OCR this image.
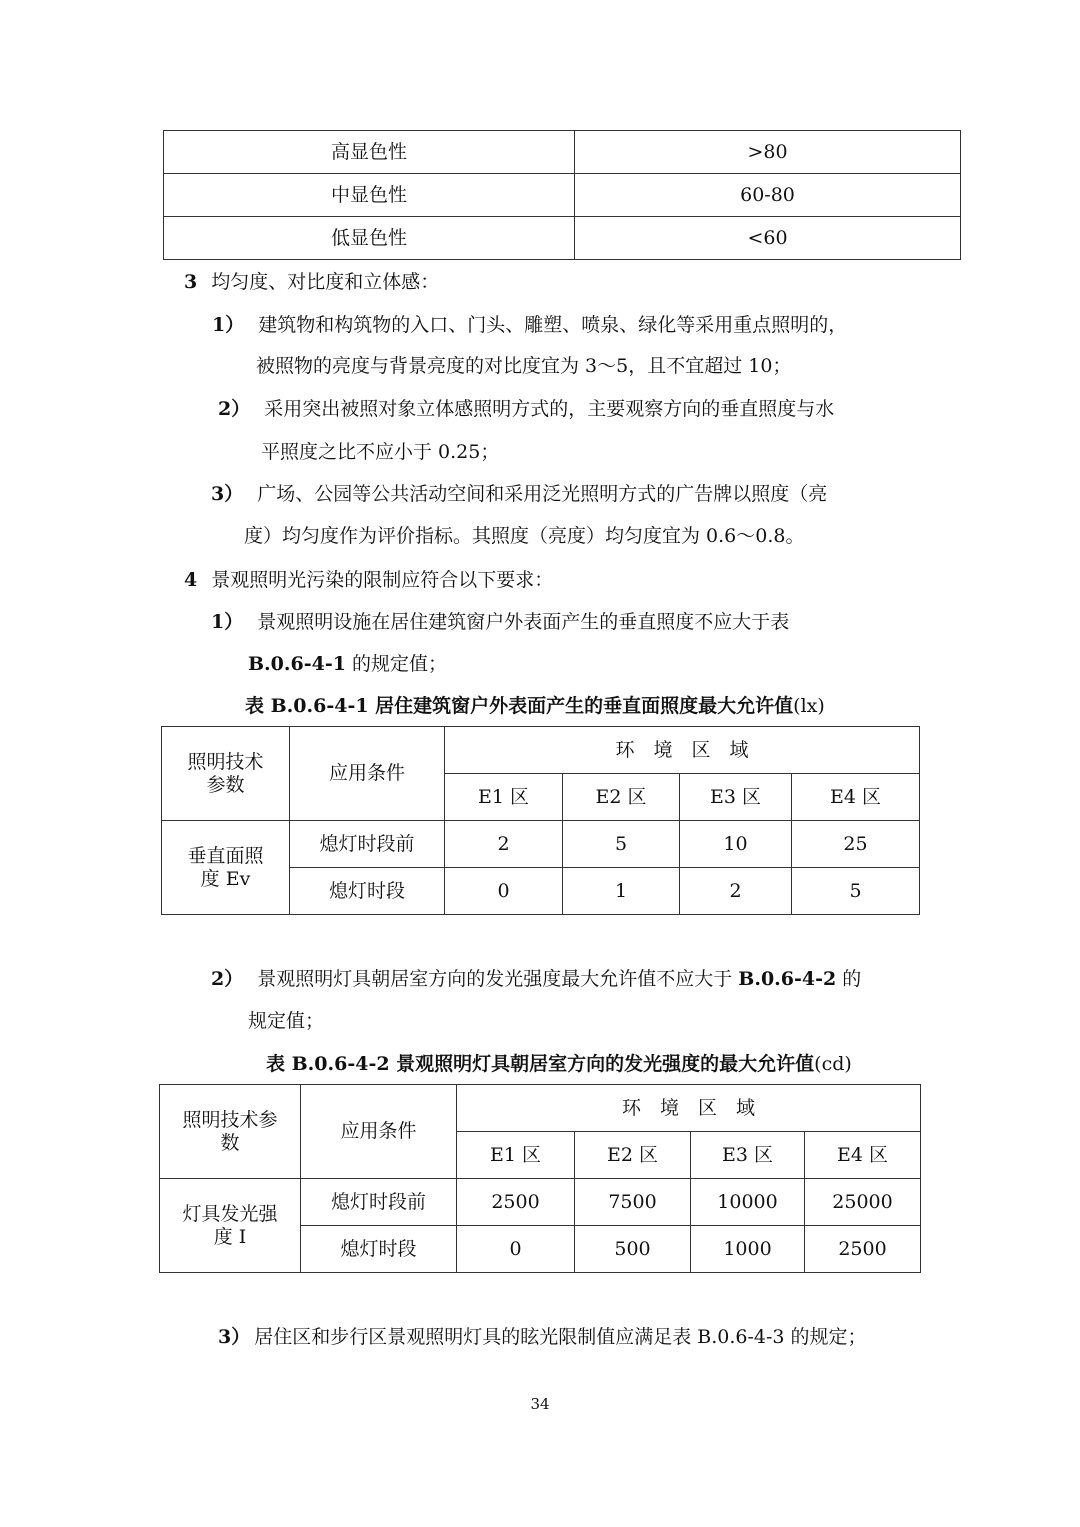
高显色性	>80
中显色性	60-80
低显色性	<60
3 均匀度、对比度和立体感：
1） 建筑物和构筑物的入口、门头、雕塑、喷泉、绿化等采用重点照明的，
被照物的亮度与背景亮度的对比度宜为 3～5，且不宜超过 10；
2） 采用突出被照对象立体感照明方式的，主要观察方向的垂直照度与水
平照度之比不应小于 0.25；
3） 广场、公园等公共活动空间和采用泛光照明方式的广告牌以照度（亮
度）均匀度作为评价指标。其照度（亮度）均匀度宜为 0.6～0.8。
4 景观照明光污染的限制应符合以下要求：
1） 景观照明设施在居住建筑窗户外表面产生的垂直照度不应大于表
B.0.6-4-1 的规定值；
表 B.0.6-4-1 居住建筑窗户外表面产生的垂直面照度最大允许值(lx)
照明技术
参数	应用条件	环　境　区　域			
		E1 区	E2 区	E3 区	E4 区
垂直面照
度 Ev	熄灯时段前	2	5	10	25
	熄灯时段	0	1	2	5
2） 景观照明灯具朝居室方向的发光强度最大允许值不应大于 B.0.6-4-2 的
规定值；
表 B.0.6-4-2 景观照明灯具朝居室方向的发光强度的最大允许值(cd)
照明技术参
数	应用条件	环　境　区　域			
		E1 区	E2 区	E3 区	E4 区
灯具发光强
度 I	熄灯时段前	2500	7500	10000	25000
	熄灯时段	0	500	1000	2500
3） 居住区和步行区景观照明灯具的眩光限制值应满足表 B.0.6-4-3 的规定；
34
